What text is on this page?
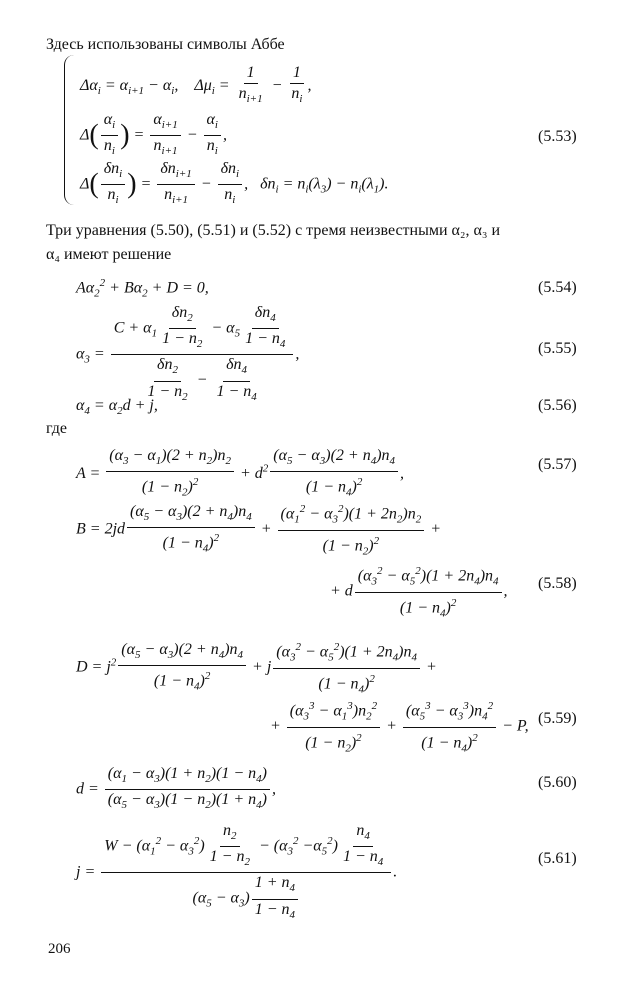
Здесь использованы символы Аббе
$\Delta\alpha_i = \alpha_{i+1} - \alpha_i$,    $\Delta\mu_i = \frac{1}{n_{i+1}} - \frac{1}{n_i}$ ,
$\Delta( \frac{\alpha_i}{n_i}$ ) = $\frac{\alpha_{i+1}}{n_{i+1}} - \frac{\alpha_i}{n_i}$ ,	(5.53)
$\Delta( \frac{\delta n_i}{n_i}$ ) = $\frac{\delta n_{i+1}}{n_{i+1}} - \frac{\delta n_i}{n_i}$ ,   $\delta n_i = n_i(\lambda_3) - n_i(\lambda_1)$.
Три уравнения (5.50), (5.51) и (5.52) с тремя неизвестными α₂, α₃ и
α₄ имеют решение
$A\alpha_2^2 + B\alpha_2 + D = 0$,	(5.54)
$\alpha_3 = \frac{C + \alpha_1 \frac{\delta n_2}{1 - n_2} - \alpha_5 \frac{\delta n_4}{1 - n_4}}{\frac{\delta n_2}{1 - n_2} - \frac{\delta n_4}{1 - n_4}}$ ,	(5.55)
$\alpha_4 = \alpha_2d + j$,	(5.56)
где
$A = \frac{(\alpha_3 - \alpha_1)(2 + n_2)n_2}{(1 - n_2)^2} + d^2 \frac{(\alpha_5 - \alpha_3)(2 + n_4)n_4}{(1 - n_4)^2}$ ,
(5.57)
$B = 2jd \frac{(\alpha_5 - \alpha_3)(2 + n_4)n_4}{(1 - n_4)^2} + \frac{(\alpha_1^2 - \alpha_3^2)(1 + 2n_2)n_2}{(1 - n_2)^2}$ +
+ d $\frac{(\alpha_3^2 - \alpha_5^2)(1 + 2n_4)n_4}{(1 - n_4)^2}$ , (5.58)
$D = j^2 \frac{(\alpha_5 - \alpha_3)(2 + n_4)n_4}{(1 - n_4)^2} + j \frac{(\alpha_3^2 - \alpha_5^2)(1 + 2n_4)n_4}{(1 - n_4)^2}$ +
+ $\frac{(\alpha_3^3 - \alpha_1^3)n_2^2}{(1 - n_2)^2} + \frac{(\alpha_5^3 - \alpha_3^3)n_4^2}{(1 - n_4)^2} - P$, (5.59)
$d = \frac{(\alpha_1 - \alpha_3)(1 + n_2)(1 - n_4)}{(\alpha_5 - \alpha_3)(1 - n_2)(1 + n_4)}$ ,	(5.60)
$j = \frac{W - (\alpha_1^2 - \alpha_3^2) \frac{n_2}{1 - n_2} - (\alpha_3^2 -\alpha_5^2) \frac{n_4}{1 - n_4}}{(\alpha_5 - \alpha_3) \frac{1 + n_4}{1 - n_4}}$ .
(5.61)
206
